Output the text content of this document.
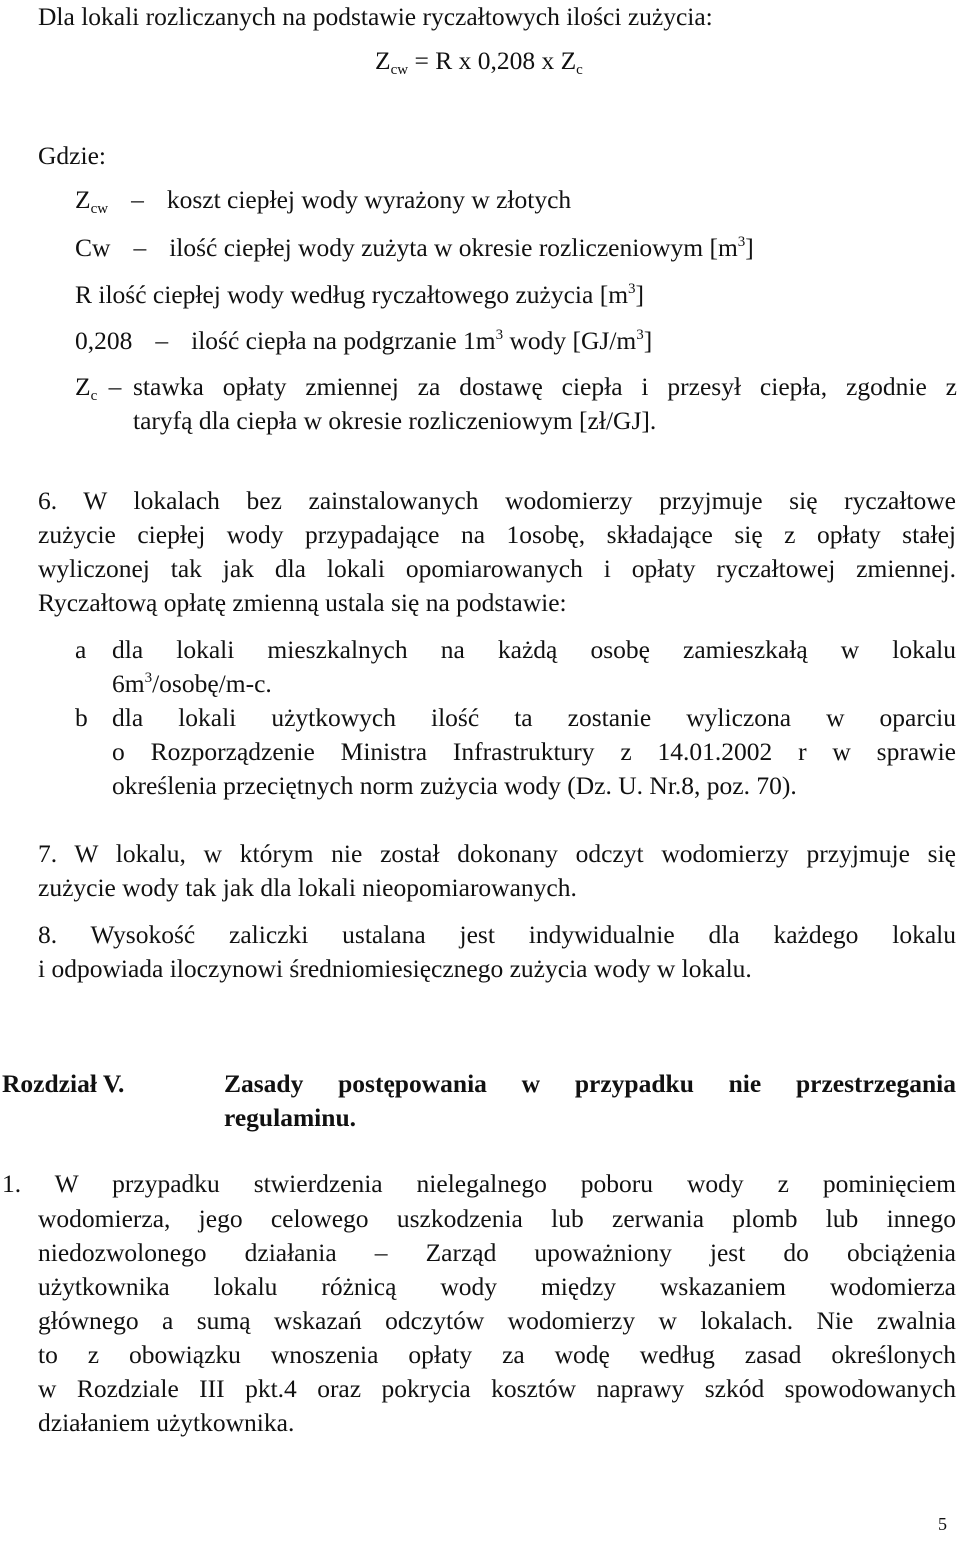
Dla lokali rozliczanych na podstawie ryczałtowych ilości zużycia:
$Z_{cw} = R$ x 0,208 x $Z_c$
Gdzie:
$Z_{cw}$ – koszt ciepłej wody wyrażony w złotych
Cw – ilość ciepłej wody zużyta w okresie rozliczeniowym $[m^3]$
R ilość ciepłej wody według ryczałtowego zużycia $[m^3]$
0,208 – ilość ciepła na podgrzanie $1m^3$ wody $[GJ/m^3]$
$Z_c$ – stawka opłaty zmiennej za dostawę ciepła i przesył ciepła, zgodnie z
taryfą dla ciepła w okresie rozliczeniowym [zł/GJ].
6. W lokalach bez zainstalowanych wodomierzy przyjmuje się ryczałtowe
zużycie ciepłej wody przypadające na 1osobę, składające się z opłaty stałej
wyliczonej tak jak dla lokali opomiarowanych i opłaty ryczałtowej zmiennej.
Ryczałtową opłatę zmienną ustala się na podstawie:
a dla lokali mieszkalnych na każdą osobę zamieszkałą w lokalu
$6m^3/osobę/m-c$.
b dla lokali użytkowych ilość ta zostanie wyliczona w oparciu
o Rozporządzenie Ministra Infrastruktury z 14.01.2002 r w sprawie
określenia przeciętnych norm zużycia wody (Dz. U. Nr.8, poz. 70).
7. W lokalu, w którym nie został dokonany odczyt wodomierzy przyjmuje się
zużycie wody tak jak dla lokali nieopomiarowanych.
8. Wysokość zaliczki ustalana jest indywidualnie dla każdego lokalu
i odpowiada iloczynowi średniomiesięcznego zużycia wody w lokalu.
Rozdział V.	Zasady postępowania w przypadku nie przestrzegania
regulaminu.
1. W przypadku stwierdzenia nielegalnego poboru wody z pominięciem
wodomierza, jego celowego uszkodzenia lub zerwania plomb lub innego
niedozwolonego działania – Zarząd upoważniony jest do obciążenia
użytkownika lokalu różnicą wody między wskazaniem wodomierza
głównego a sumą wskazań odczytów wodomierzy w lokalach. Nie zwalnia
to z obowiązku wnoszenia opłaty za wodę według zasad określonych
w Rozdziale III pkt.4 oraz pokrycia kosztów naprawy szkód spowodowanych
działaniem użytkownika.
5
